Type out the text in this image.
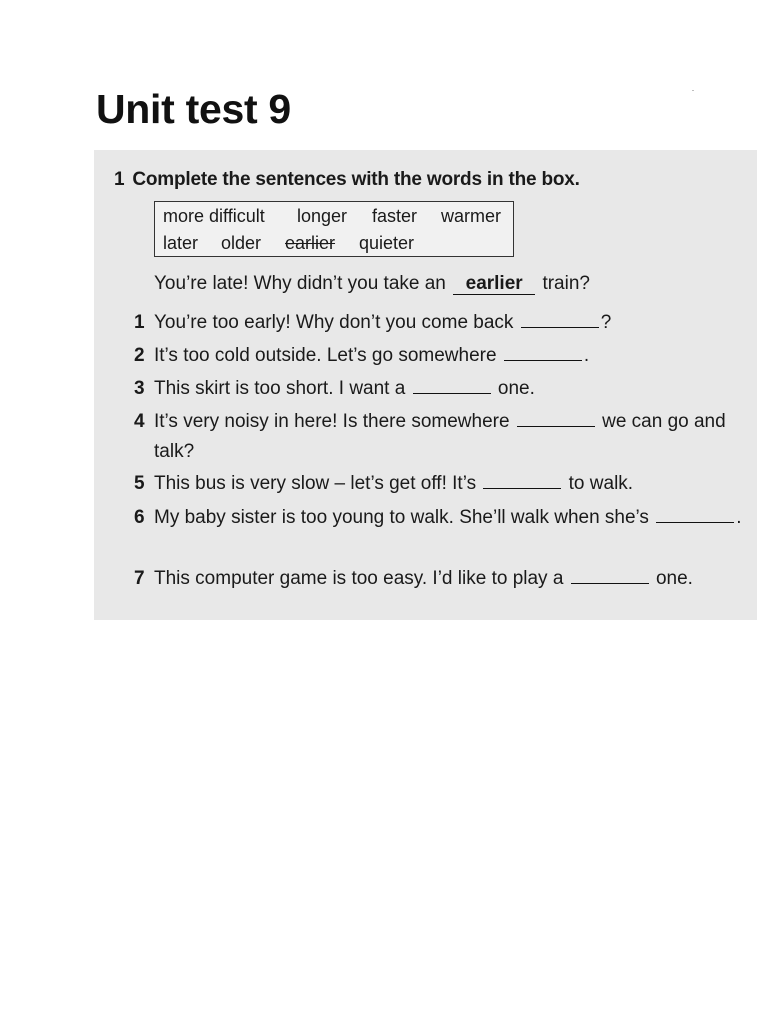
Unit test 9	-
1 Complete the sentences with the words in the box.
more difficult longer faster warmer
later older earlier quieter
You’re late! Why didn’t you take an earlier train?
1 You’re too early! Why don’t you come back	?
2 It’s too cold outside. Let’s go somewhere	.
3 This skirt is too short. I want a	one.
4 It’s very noisy in here! Is there somewhere	we can go and talk?
5 This bus is very slow – let’s get off! It’s	to walk.
6 My baby sister is too young to walk. She’ll walk when she’s	.
7 This computer game is too easy. I’d like to play a	one.
